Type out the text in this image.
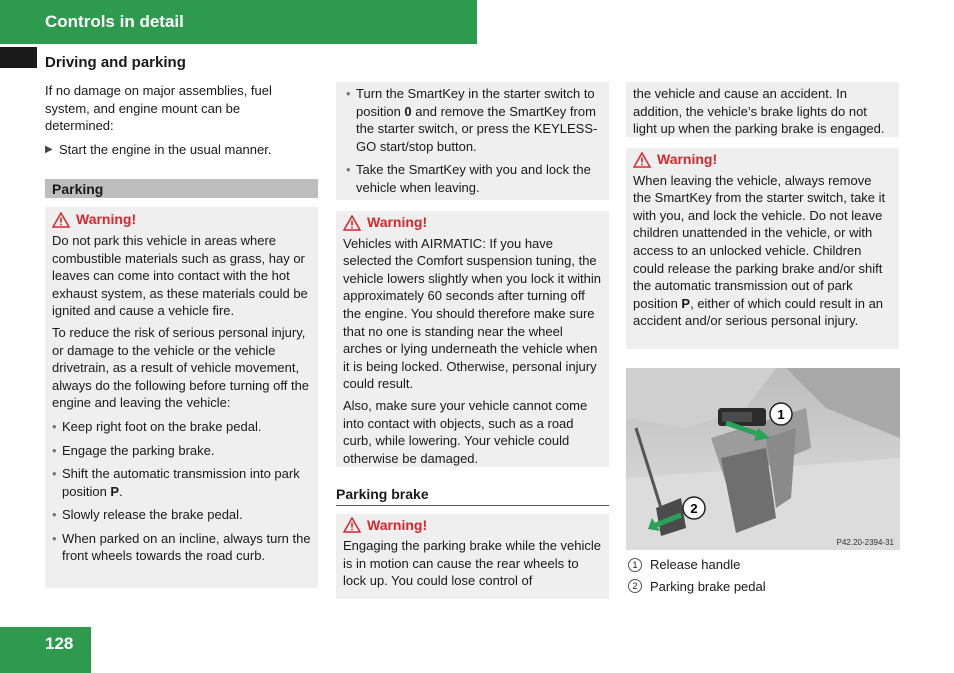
Controls in detail
Driving and parking

If no damage on major assemblies, fuel system, and engine mount can be determined:

▶ Start the engine in the usual manner.
Parking
Warning!

Do not park this vehicle in areas where combustible materials such as grass, hay or leaves can come into contact with the hot exhaust system, as these materials could be ignited and cause a vehicle fire.

To reduce the risk of serious personal injury, or damage to the vehicle or the vehicle drivetrain, as a result of vehicle movement, always do the following before turning off the engine and leaving the vehicle:

• Keep right foot on the brake pedal.
• Engage the parking brake.
• Shift the automatic transmission into park position P.
• Slowly release the brake pedal.
• When parked on an incline, always turn the front wheels towards the road curb.
• Turn the SmartKey in the starter switch to position 0 and remove the SmartKey from the starter switch, or press the KEYLESS-GO start/stop button.
• Take the SmartKey with you and lock the vehicle when leaving.
Warning!

Vehicles with AIRMATIC: If you have selected the Comfort suspension tuning, the vehicle lowers slightly when you lock it within approximately 60 seconds after turning off the engine. You should therefore make sure that no one is standing near the wheel arches or lying underneath the vehicle when it is being locked. Otherwise, personal injury could result.

Also, make sure your vehicle cannot come into contact with objects, such as a road curb, while lowering. Your vehicle could otherwise be damaged.

Parking brake
Warning!

Engaging the parking brake while the vehicle is in motion can cause the rear wheels to lock up. You could lose control of

the vehicle and cause an accident. In addition, the vehicle’s brake lights do not light up when the parking brake is engaged.

Warning!

When leaving the vehicle, always remove the SmartKey from the starter switch, take it with you, and lock the vehicle. Do not leave children unattended in the vehicle, or with access to an unlocked vehicle. Children could release the parking brake and/or shift the automatic transmission out of park position P, either of which could result in an accident and/or serious personal injury.

1
2
P42.20-2394-31
1 Release handle
2 Parking brake pedal
128
